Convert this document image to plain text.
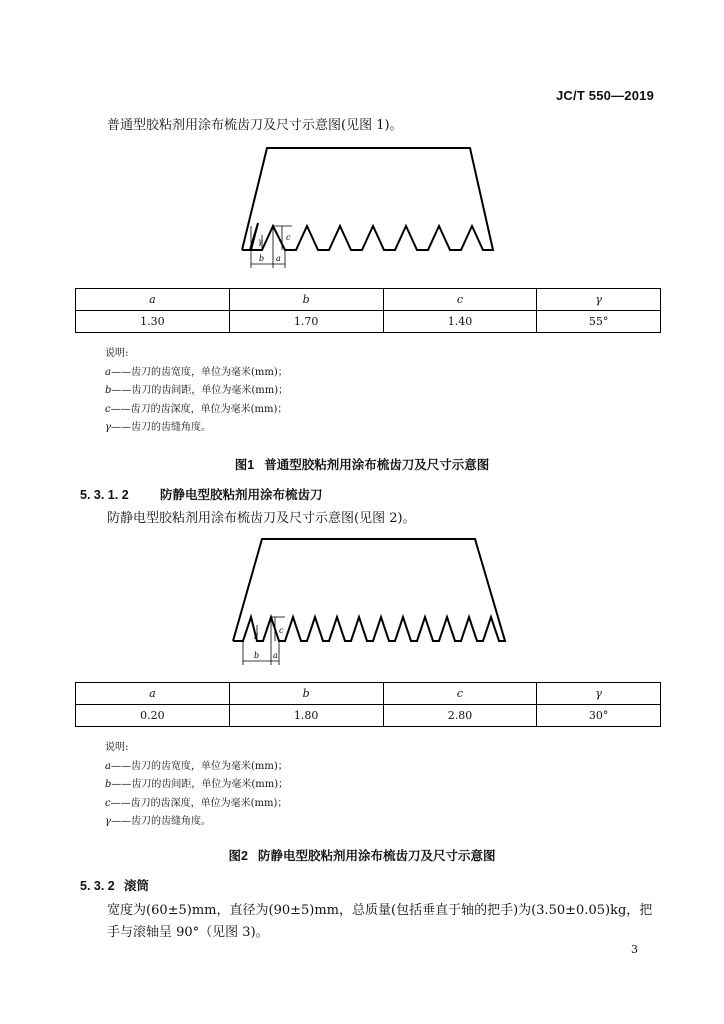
JC/T 550—2019
普通型胶粘剂用涂布梳齿刀及尺寸示意图(见图 1)。
γ	c
b a
a	b	c	γ
1.30	1.70	1.40	55°
说明:
a——齿刀的齿宽度，单位为毫米(mm)；
b——齿刀的齿间距，单位为毫米(mm)；
c——齿刀的齿深度，单位为毫米(mm)；
γ——齿刀的齿缝角度。
图1 普通型胶粘剂用涂布梳齿刀及尺寸示意图
5. 3. 1. 2	防静电型胶粘剂用涂布梳齿刀
防静电型胶粘剂用涂布梳齿刀及尺寸示意图(见图 2)。
γ	c
b a
a	b	c	γ
0.20	1.80	2.80	30°
说明:
a——齿刀的齿宽度，单位为毫米(mm)；
b——齿刀的齿间距，单位为毫米(mm)；
c——齿刀的齿深度，单位为毫米(mm)；
γ——齿刀的齿缝角度。
图2 防静电型胶粘剂用涂布梳齿刀及尺寸示意图
5. 3. 2 滚筒
宽度为(60±5)mm，直径为(90±5)mm，总质量(包括垂直于轴的把手)为(3.50±0.05)kg，把手与滚轴呈 90°（见图 3)。
3
